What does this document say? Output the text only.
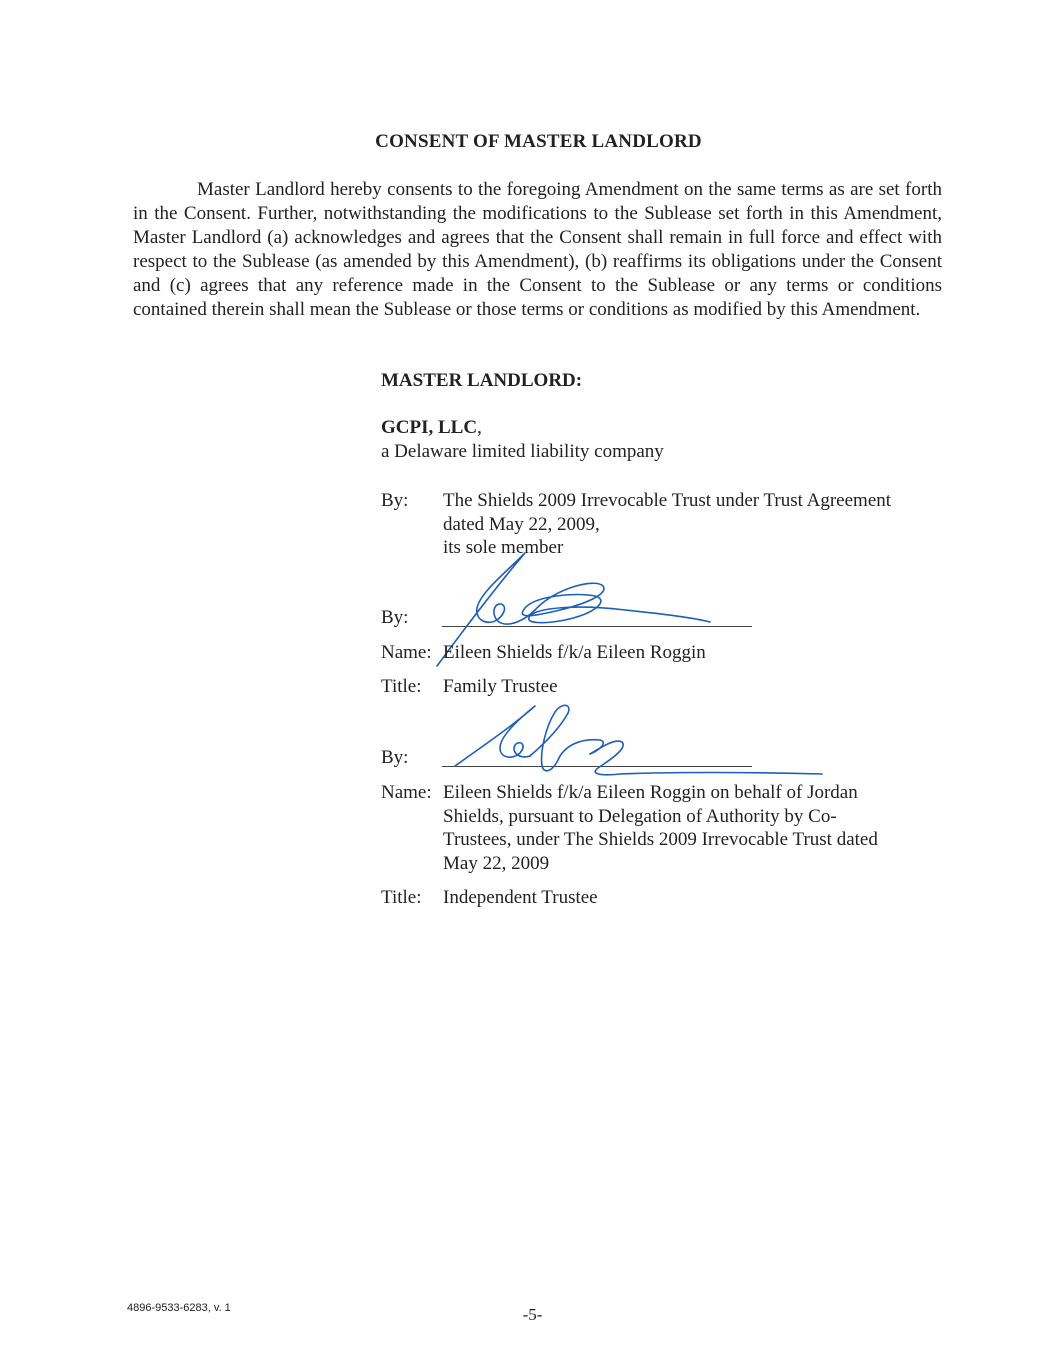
CONSENT OF MASTER LANDLORD
Master Landlord hereby consents to the foregoing Amendment on the same terms as are set forth in the Consent. Further, notwithstanding the modifications to the Sublease set forth in this Amendment, Master Landlord (a) acknowledges and agrees that the Consent shall remain in full force and effect with respect to the Sublease (as amended by this Amendment), (b) reaffirms its obligations under the Consent and (c) agrees that any reference made in the Consent to the Sublease or any terms or conditions contained therein shall mean the Sublease or those terms or conditions as modified by this Amendment.
MASTER LANDLORD:
GCPI, LLC,
a Delaware limited liability company
By:	The Shields 2009 Irrevocable Trust under Trust Agreement
dated May 22, 2009,
its sole member
By:
Name: Eileen Shields f/k/a Eileen Roggin
Title:	Family Trustee
By:
Name: Eileen Shields f/k/a Eileen Roggin on behalf of Jordan
Shields, pursuant to Delegation of Authority by Co-
Trustees, under The Shields 2009 Irrevocable Trust dated
May 22, 2009
Title:	Independent Trustee
4896-9533-6283, v. 1	-5-
